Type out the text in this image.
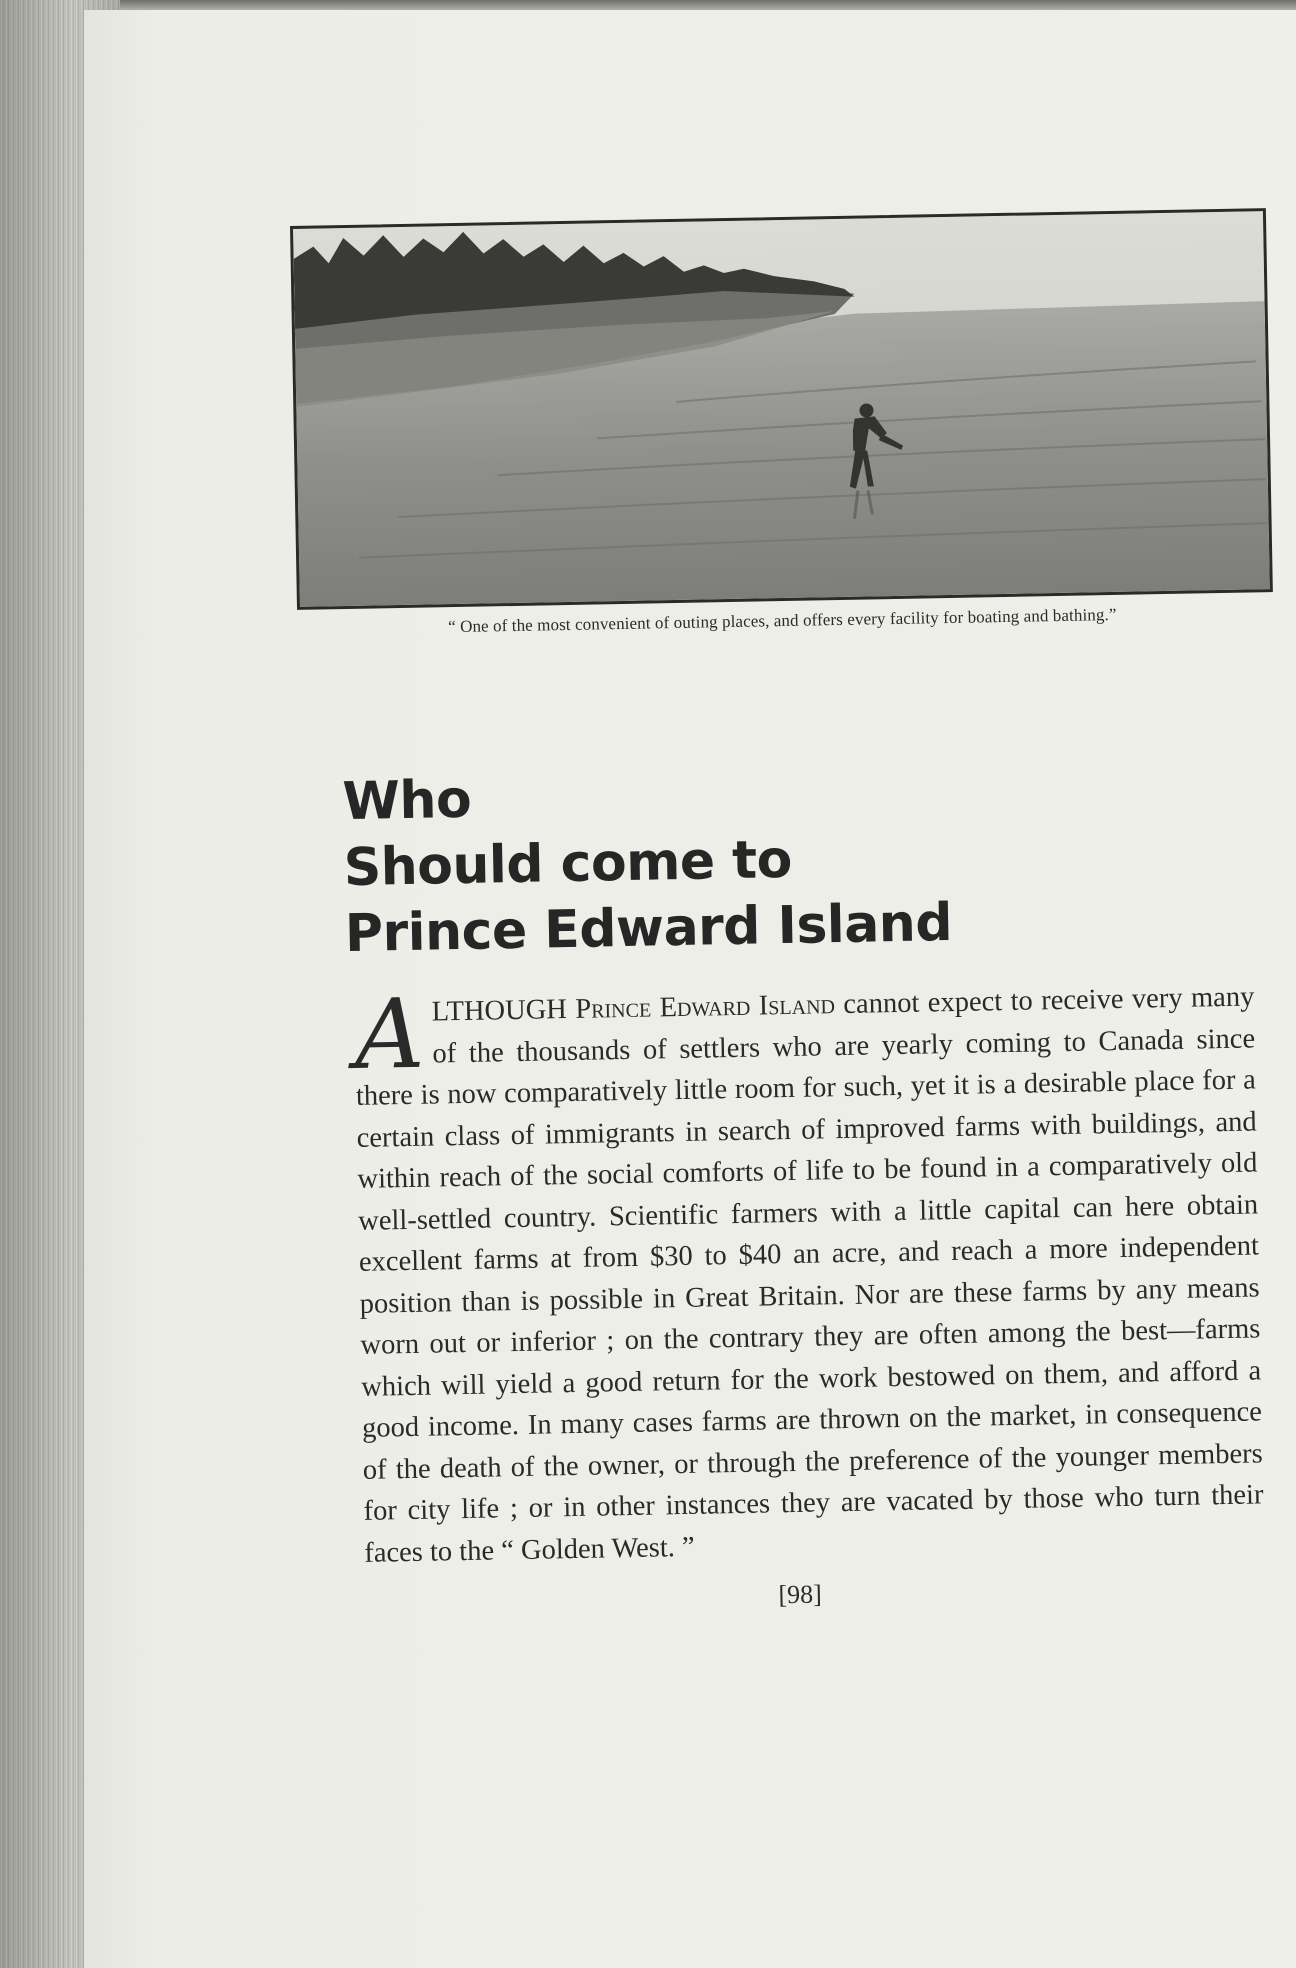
“ One of the most convenient of outing places, and offers every facility for boating and bathing.”
Who
Should come to
Prince Edward Island
ALTHOUGH Prince Edward Island cannot expect to receive very many of the thousands of settlers who are yearly coming to Canada since there is now comparatively little room for such, yet it is a desirable place for a certain class of immigrants in search of improved farms with buildings, and within reach of the social comforts of life to be found in a comparatively old well-settled country. Scientific farmers with a little capital can here obtain excellent farms at from $30 to $40 an acre, and reach a more independent position than is possible in Great Britain. Nor are these farms by any means worn out or inferior ; on the contrary they are often among the best—farms which will yield a good return for the work bestowed on them, and afford a good income. In many cases farms are thrown on the market, in consequence of the death of the owner, or through the preference of the younger members for city life ; or in other instances they are vacated by those who turn their faces to the “ Golden West. ”
[98]
